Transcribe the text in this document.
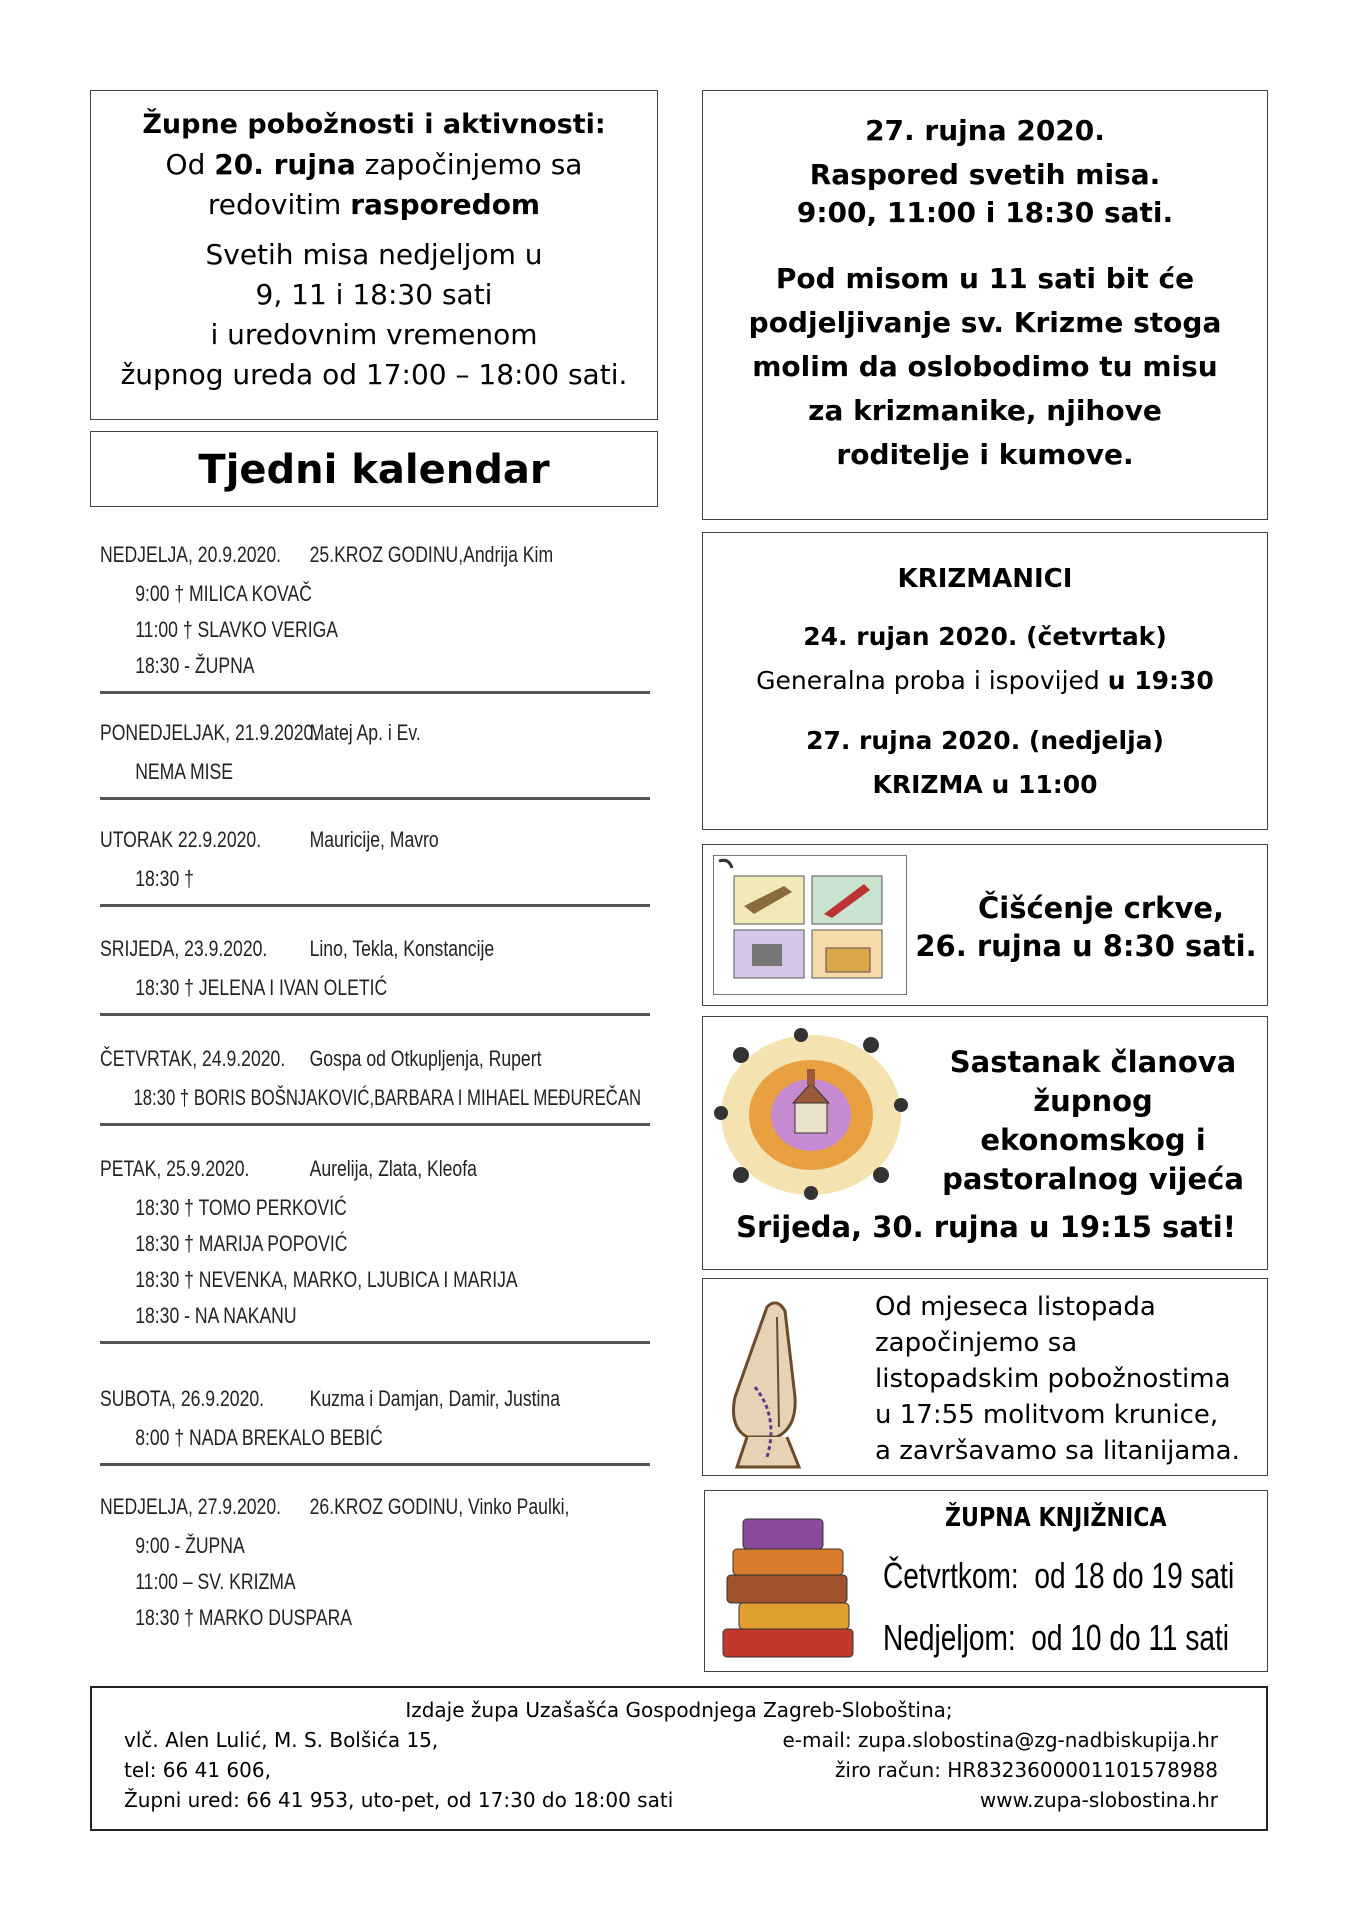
Župne pobožnosti i aktivnosti:
Od 20. rujna započinjemo sa
redovitim rasporedom
Svetih misa nedjeljom u
9, 11 i 18:30 sati
i uredovnim vremenom
župnog ureda od 17:00 – 18:00 sati.
Tjedni kalendar
27. rujna 2020.
Raspored svetih misa.
9:00, 11:00 i 18:30 sati.
Pod misom u 11 sati bit će
podjeljivanje sv. Krizme stoga
molim da oslobodimo tu misu
za krizmanike, njihove
roditelje i kumove.
KRIZMANICI
24. rujan 2020. (četvrtak)
Generalna proba i ispovijed u 19:30
27. rujna 2020. (nedjelja)
KRIZMA u 11:00
Čišćenje crkve,
26. rujna u 8:30 sati.
Sastanak članova
župnog
ekonomskog i
pastoralnog vijeća
Srijeda, 30. rujna u 19:15 sati!
Od mjeseca listopada
započinjemo sa
listopadskim pobožnostima
u 17:55 molitvom krunice,
a završavamo sa litanijama.
ŽUPNA KNJIŽNICA
Četvrtkom: od 18 do 19 sati
Nedjeljom: od 10 do 11 sati
NEDJELJA, 20.9.2020. 25.KROZ GODINU,Andrija Kim
9:00 † MILICA KOVAČ
11:00 † SLAVKO VERIGA
18:30 - ŽUPNA
PONEDJELJAK, 21.9.2020.
Matej Ap. i Ev.
NEMA MISE
UTORAK 22.9.2020. Mauricije, Mavro
18:30 †
SRIJEDA, 23.9.2020. Lino, Tekla, Konstancije
18:30 † JELENA I IVAN OLETIĆ
ČETVRTAK, 24.9.2020. Gospa od Otkupljenja, Rupert
18:30 † BORIS BOŠNJAKOVIĆ,BARBARA I MIHAEL MEĐUREČAN
PETAK, 25.9.2020.	Aurelija, Zlata, Kleofa
18:30 † TOMO PERKOVIĆ
18:30 † MARIJA POPOVIĆ
18:30 † NEVENKA, MARKO, LJUBICA I MARIJA
18:30 - NA NAKANU
SUBOTA, 26.9.2020. Kuzma i Damjan, Damir, Justina
8:00 † NADA BREKALO BEBIĆ
NEDJELJA, 27.9.2020. 26.KROZ GODINU, Vinko Paulki,
9:00 - ŽUPNA
11:00 – SV. KRIZMA
18:30 † MARKO DUSPARA
Izdaje župa Uzašašća Gospodnjega Zagreb-Sloboština;
vlč. Alen Lulić, M. S. Bolšića 15,	e-mail: zupa.slobostina@zg-nadbiskupija.hr
tel: 66 41 606,	žiro račun: HR8323600001101578988
Župni ured: 66 41 953, uto-pet, od 17:30 do 18:00 sati	www.zupa-slobostina.hr
